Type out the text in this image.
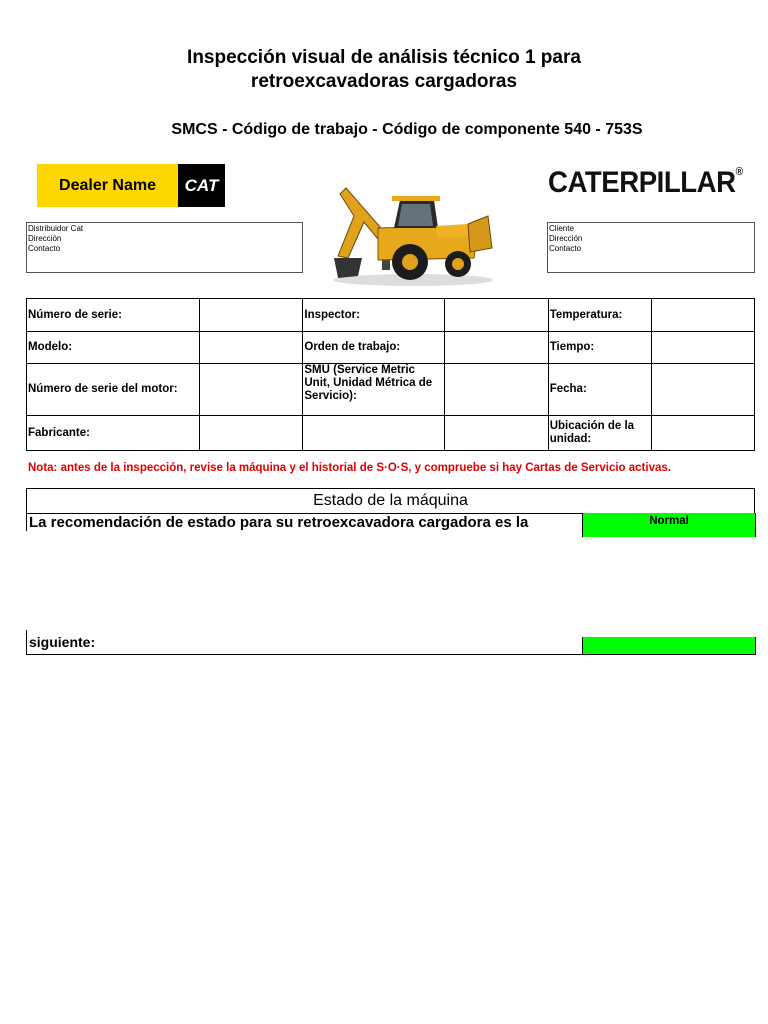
Inspección visual de análisis técnico 1 para
retroexcavadoras cargadoras
SMCS - Código de trabajo - Código de componente 540 - 753S
Dealer Name	CAT	CATERPILLAR®
Distribuidor Cat
Dirección
Contacto
Cliente
Dirección
Contacto
Número de serie:		Inspector:		Temperatura:	
Modelo:		Orden de trabajo:		Tiempo:	
Número de serie del motor:		SMU (Service Metric Unit, Unidad Métrica de Servicio):		Fecha:	
Fabricante:				Ubicación de la unidad:	
Nota: antes de la inspección, revise la máquina y el historial de S·O·S, y compruebe si hay Cartas de Servicio activas.
Estado de la máquina
La recomendación de estado para su retroexcavadora cargadora es la	Normal
siguiente:
